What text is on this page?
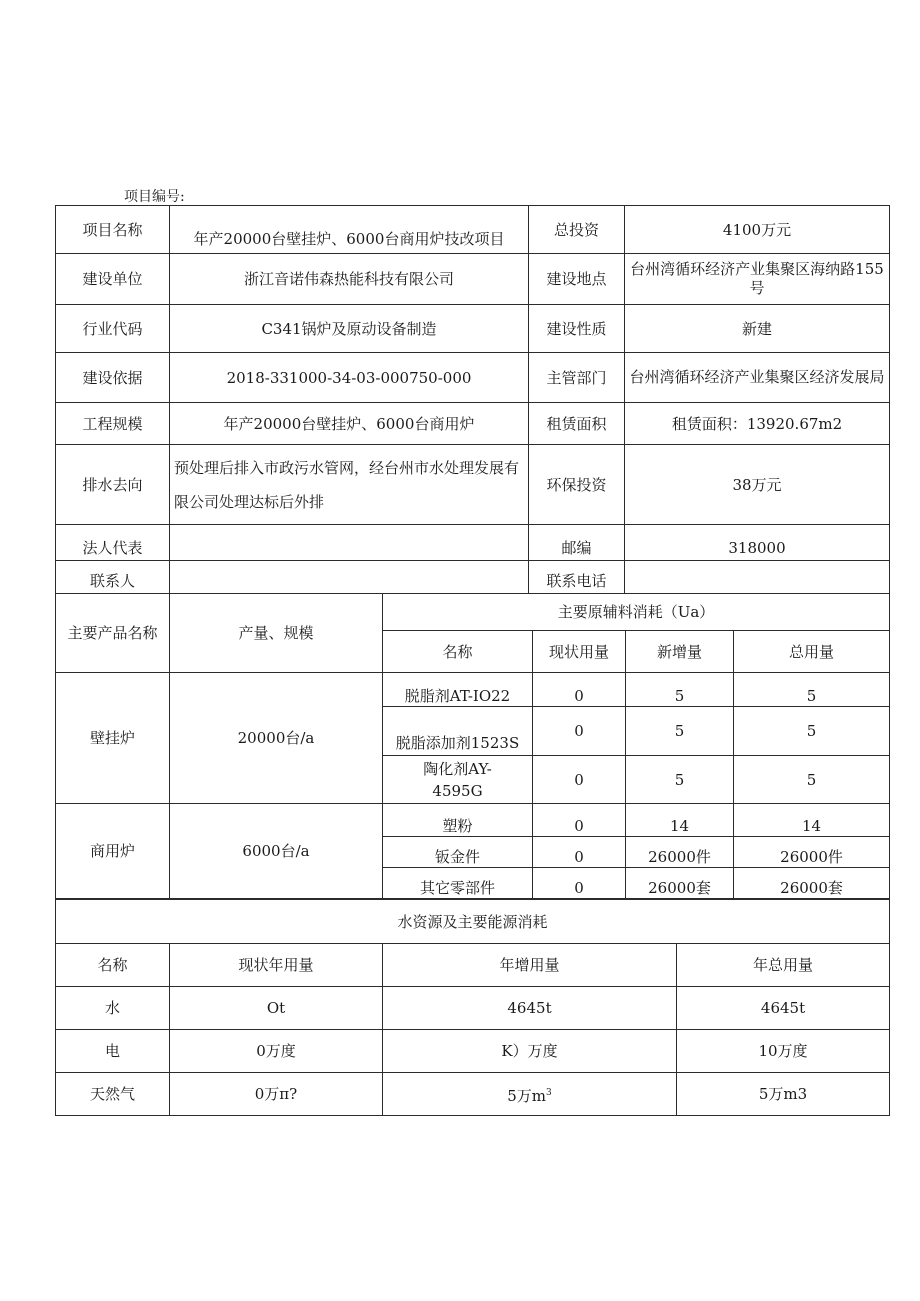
项目编号:
项目名称	年产20000台壁挂炉、6000台商用炉技改项目	总投资	4100万元
建设单位	浙江音诺伟森热能科技有限公司	建设地点	台州湾循环经济产业集聚区海纳路155号
行业代码	C341锅炉及原动设备制造	建设性质	新建
建设依据	2018-331000-34-03-000750-000	主管部门	台州湾循环经济产业集聚区经济发展局
工程规模	年产20000台壁挂炉、6000台商用炉	租赁面积	租赁面积：13920.67m2
排水去向	预处理后排入市政污水管网，经台州市水处理发展有限公司处理达标后外排	环保投资	38万元
法人代表		邮编	318000
联系人		联系电话	
主要产品名称	产量、规模	主要原辅料消耗（Ua）			
		名称	现状用量	新增量	总用量
壁挂炉	20000台/a	脱脂剂AT-IO22	0	5	5
		脱脂添加剂1523S	0	5	5
		陶化剂AY-4595G	0	5	5
商用炉	6000台/a	塑粉	0	14	14
		钣金件	0	26000件	26000件
		其它零部件	0	26000套	26000套
水资源及主要能源消耗			
名称	现状年用量	年增用量	年总用量
水	Ot	4645t	4645t
电	0万度	K）万度	10万度
天然气	0万π?	5万$m^3$	5万m3
